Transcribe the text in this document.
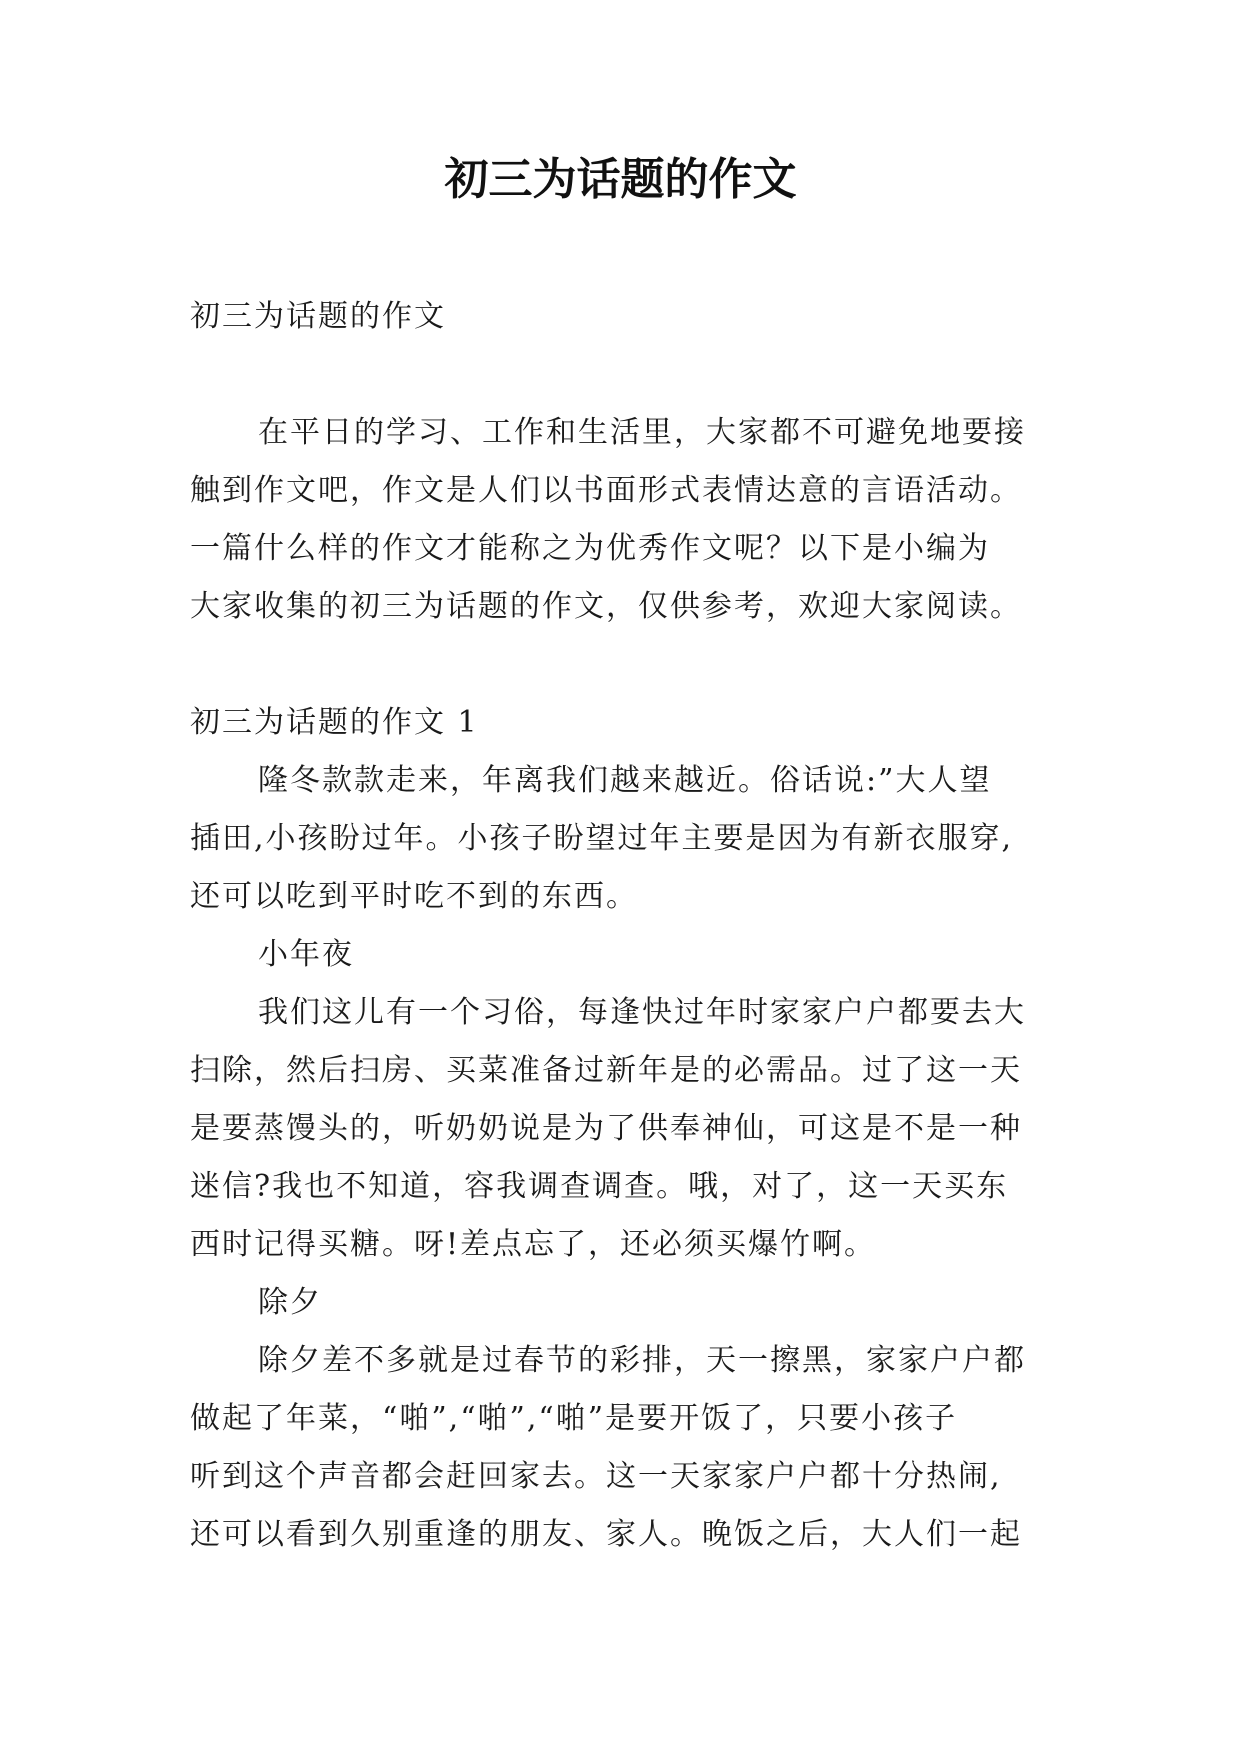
初三为话题的作文

初三为话题的作文

在平日的学习、工作和生活里，大家都不可避免地要接

触到作文吧，作文是人们以书面形式表情达意的言语活动。

一篇什么样的作文才能称之为优秀作文呢？以下是小编为

大家收集的初三为话题的作文，仅供参考，欢迎大家阅读。

初三为话题的作文 1

隆冬款款走来，年离我们越来越近。俗话说:”大人望

插田,小孩盼过年。小孩子盼望过年主要是因为有新衣服穿,

还可以吃到平时吃不到的东西。

小年夜

我们这儿有一个习俗，每逢快过年时家家户户都要去大

扫除，然后扫房、买菜准备过新年是的必需品。过了这一天

是要蒸馒头的，听奶奶说是为了供奉神仙，可这是不是一种

迷信?我也不知道，容我调查调查。哦，对了，这一天买东

西时记得买糖。呀!差点忘了，还必须买爆竹啊。

除夕

除夕差不多就是过春节的彩排，天一擦黑，家家户户都

做起了年菜，“啪”,“啪”,“啪”是要开饭了，只要小孩子

听到这个声音都会赶回家去。这一天家家户户都十分热闹,

还可以看到久别重逢的朋友、家人。晚饭之后，大人们一起
